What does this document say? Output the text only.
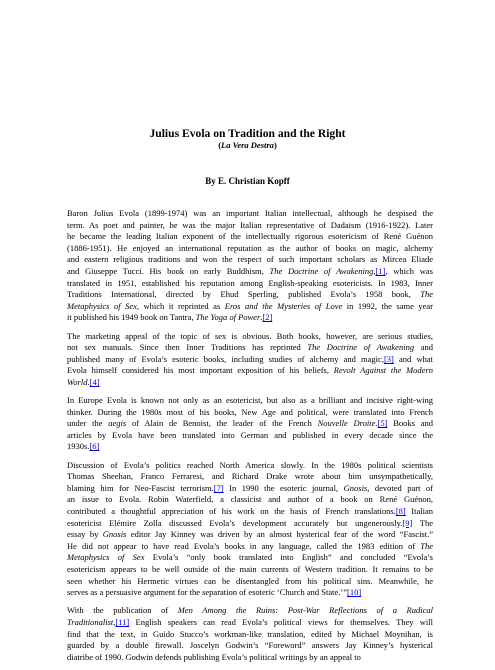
Julius Evola on Tradition and the Right
(La Vera Destra)
By E. Christian Kopff

Baron Julius Evola (1899-1974) was an important Italian intellectual, although he despised the
term. As poet and painter, he was the major Italian representative of Dadaism (1916-1922). Later
he became the leading Italian exponent of the intellectually rigorous esotericism of René Guénon
(1886-1951). He enjoyed an international reputation as the author of books on magic, alchemy
and eastern religious traditions and won the respect of such important scholars as Mircea Eliade
and Giuseppe Tucci. His book on early Buddhism, The Doctrine of Awakening,[1], which was
translated in 1951, established his reputation among English-speaking esotericists. In 1983, Inner
Traditions International, directed by Ehud Sperling, published Evola’s 1958 book, The
Metaphysics of Sex, which it reprinted as Eros and the Mysteries of Love in 1992, the same year
it published his 1949 book on Tantra, The Yoga of Power.[2]

The marketing appeal of the topic of sex is obvious. Both books, however, are serious studies,
not sex manuals. Since then Inner Traditions has reprinted The Doctrine of Awakening and
published many of Evola’s esoteric books, including studies of alchemy and magic,[3] and what
Evola himself considered his most important exposition of his beliefs, Revolt Against the Modern
World.[4]

In Europe Evola is known not only as an esotericist, but also as a brilliant and incisive right-wing
thinker. During the 1980s most of his books, New Age and political, were translated into French
under the aegis of Alain de Benoist, the leader of the French Nouvelle Droite.[5] Books and
articles by Evola have been translated into German and published in every decade since the
1930s.[6]

Discussion of Evola’s politics reached North America slowly. In the 1980s political scientists
Thomas Sheehan, Franco Ferraresi, and Richard Drake wrote about him unsympathetically,
blaming him for Neo-Fascist terrorism.[7] In 1990 the esoteric journal, Gnosis, devoted part of
an issue to Evola. Robin Waterfield, a classicist and author of a book on René Guénon,
contributed a thoughtful appreciation of his work on the basis of French translations.[8] Italian
esotericist Elémire Zolla discussed Evola’s development accurately but ungenerously.[9] The
essay by Gnosis editor Jay Kinney was driven by an almost hysterical fear of the word “Fascist.”
He did not appear to have read Evola’s books in any language, called the 1983 edition of The
Metaphysics of Sex Evola’s “only book translated into English” and concluded “Evola’s
esotericism appears to be well outside of the main currents of Western tradition. It remains to be
seen whether his Hermetic virtues can be disentangled from his political sins. Meanwhile, he
serves as a persuasive argument for the separation of esoteric ‘Church and State.’”[10]

With the publication of Men Among the Ruins: Post-War Reflections of a Radical
Traditionalist,[11] English speakers can read Evola’s political views for themselves. They will
find that the text, in Guido Stucco’s workman-like translation, edited by Michael Moynihan, is
guarded by a double firewall. Joscelyn Godwin’s “Foreword” answers Jay Kinney’s hysterical
diatribe of 1990. Godwin defends publishing Evola’s political writings by an appeal to
